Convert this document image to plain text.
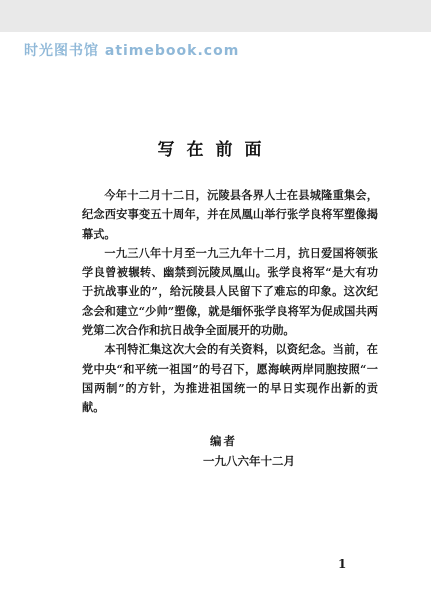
时光图书馆 atimebook.com
写在前面

今年十二月十二日，沅陵县各界人士在县城隆重集会，纪念西安事变五十周年，并在凤凰山举行张学良将军塑像揭幕式。

一九三八年十月至一九三九年十二月，抗日爱国将领张学良曾被辗转、幽禁到沅陵凤凰山。张学良将军“是大有功于抗战事业的”，给沅陵县人民留下了难忘的印象。这次纪念会和建立“少帅”塑像，就是缅怀张学良将军为促成国共两党第二次合作和抗日战争全面展开的功勋。

本刊特汇集这次大会的有关资料，以资纪念。当前，在党中央“和平统一祖国”的号召下，愿海峡两岸同胞按照“一国两制”的方针，为推进祖国统一的早日实现作出新的贡献。

编者
一九八六年十二月
1
